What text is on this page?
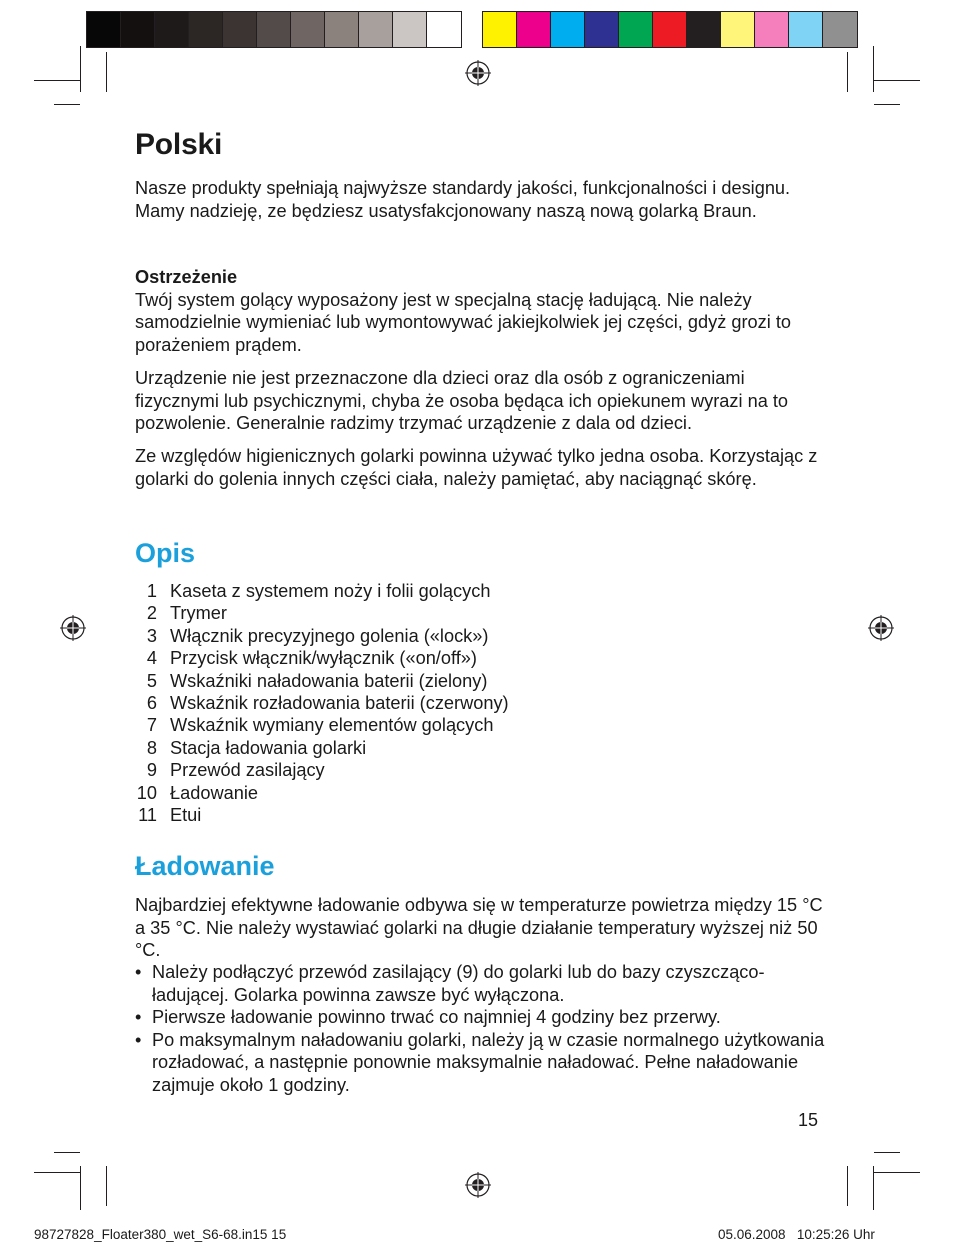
Polski

Nasze produkty spełniają najwyższe standardy jakości, funkcjonalności i designu. Mamy nadzieję, ze będziesz usatysfakcjonowany naszą nową golarką Braun.

Ostrzeżenie
Twój system golący wyposażony jest w specjalną stację ładującą. Nie należy samodzielnie wymieniać lub wymontowywać jakiejkolwiek jej części, gdyż grozi to porażeniem prądem.

Urządzenie nie jest przeznaczone dla dzieci oraz dla osób z ograniczeniami fizycznymi lub psychicznymi, chyba że osoba będąca ich opiekunem wyrazi na to pozwolenie. Generalnie radzimy trzymać urządzenie z dala od dzieci.

Ze względów higienicznych golarki powinna używać tylko jedna osoba. Korzystając z golarki do golenia innych części ciała, należy pamiętać, aby naciągnąć skórę.

Opis
1 Kaseta z systemem noży i folii golących
2 Trymer
3 Włącznik precyzyjnego golenia («lock»)
4 Przycisk włącznik/wyłącznik («on/off»)
5 Wskaźniki naładowania baterii (zielony)
6 Wskaźnik rozładowania baterii (czerwony)
7 Wskaźnik wymiany elementów golących
8 Stacja ładowania golarki
9 Przewód zasilający
10 Ładowanie
11 Etui
Ładowanie

Najbardziej efektywne ładowanie odbywa się w temperaturze powietrza między 15 °C a 35 °C. Nie należy wystawiać golarki na długie działanie temperatury wyższej niż 50 °C.

• Należy podłączyć przewód zasilający (9) do golarki lub do bazy czyszcząco-ładującej. Golarka powinna zawsze być wyłączona.
• Pierwsze ładowanie powinno trwać co najmniej 4 godziny bez przerwy.
• Po maksymalnym naładowaniu golarki, należy ją w czasie normalnego użytkowania rozładować, a następnie ponownie maksymalnie naładować. Pełne naładowanie zajmuje około 1 godziny.
15
98727828_Floater380_wet_S6-68.in15 15	05.06.2008   10:25:26 Uhr
